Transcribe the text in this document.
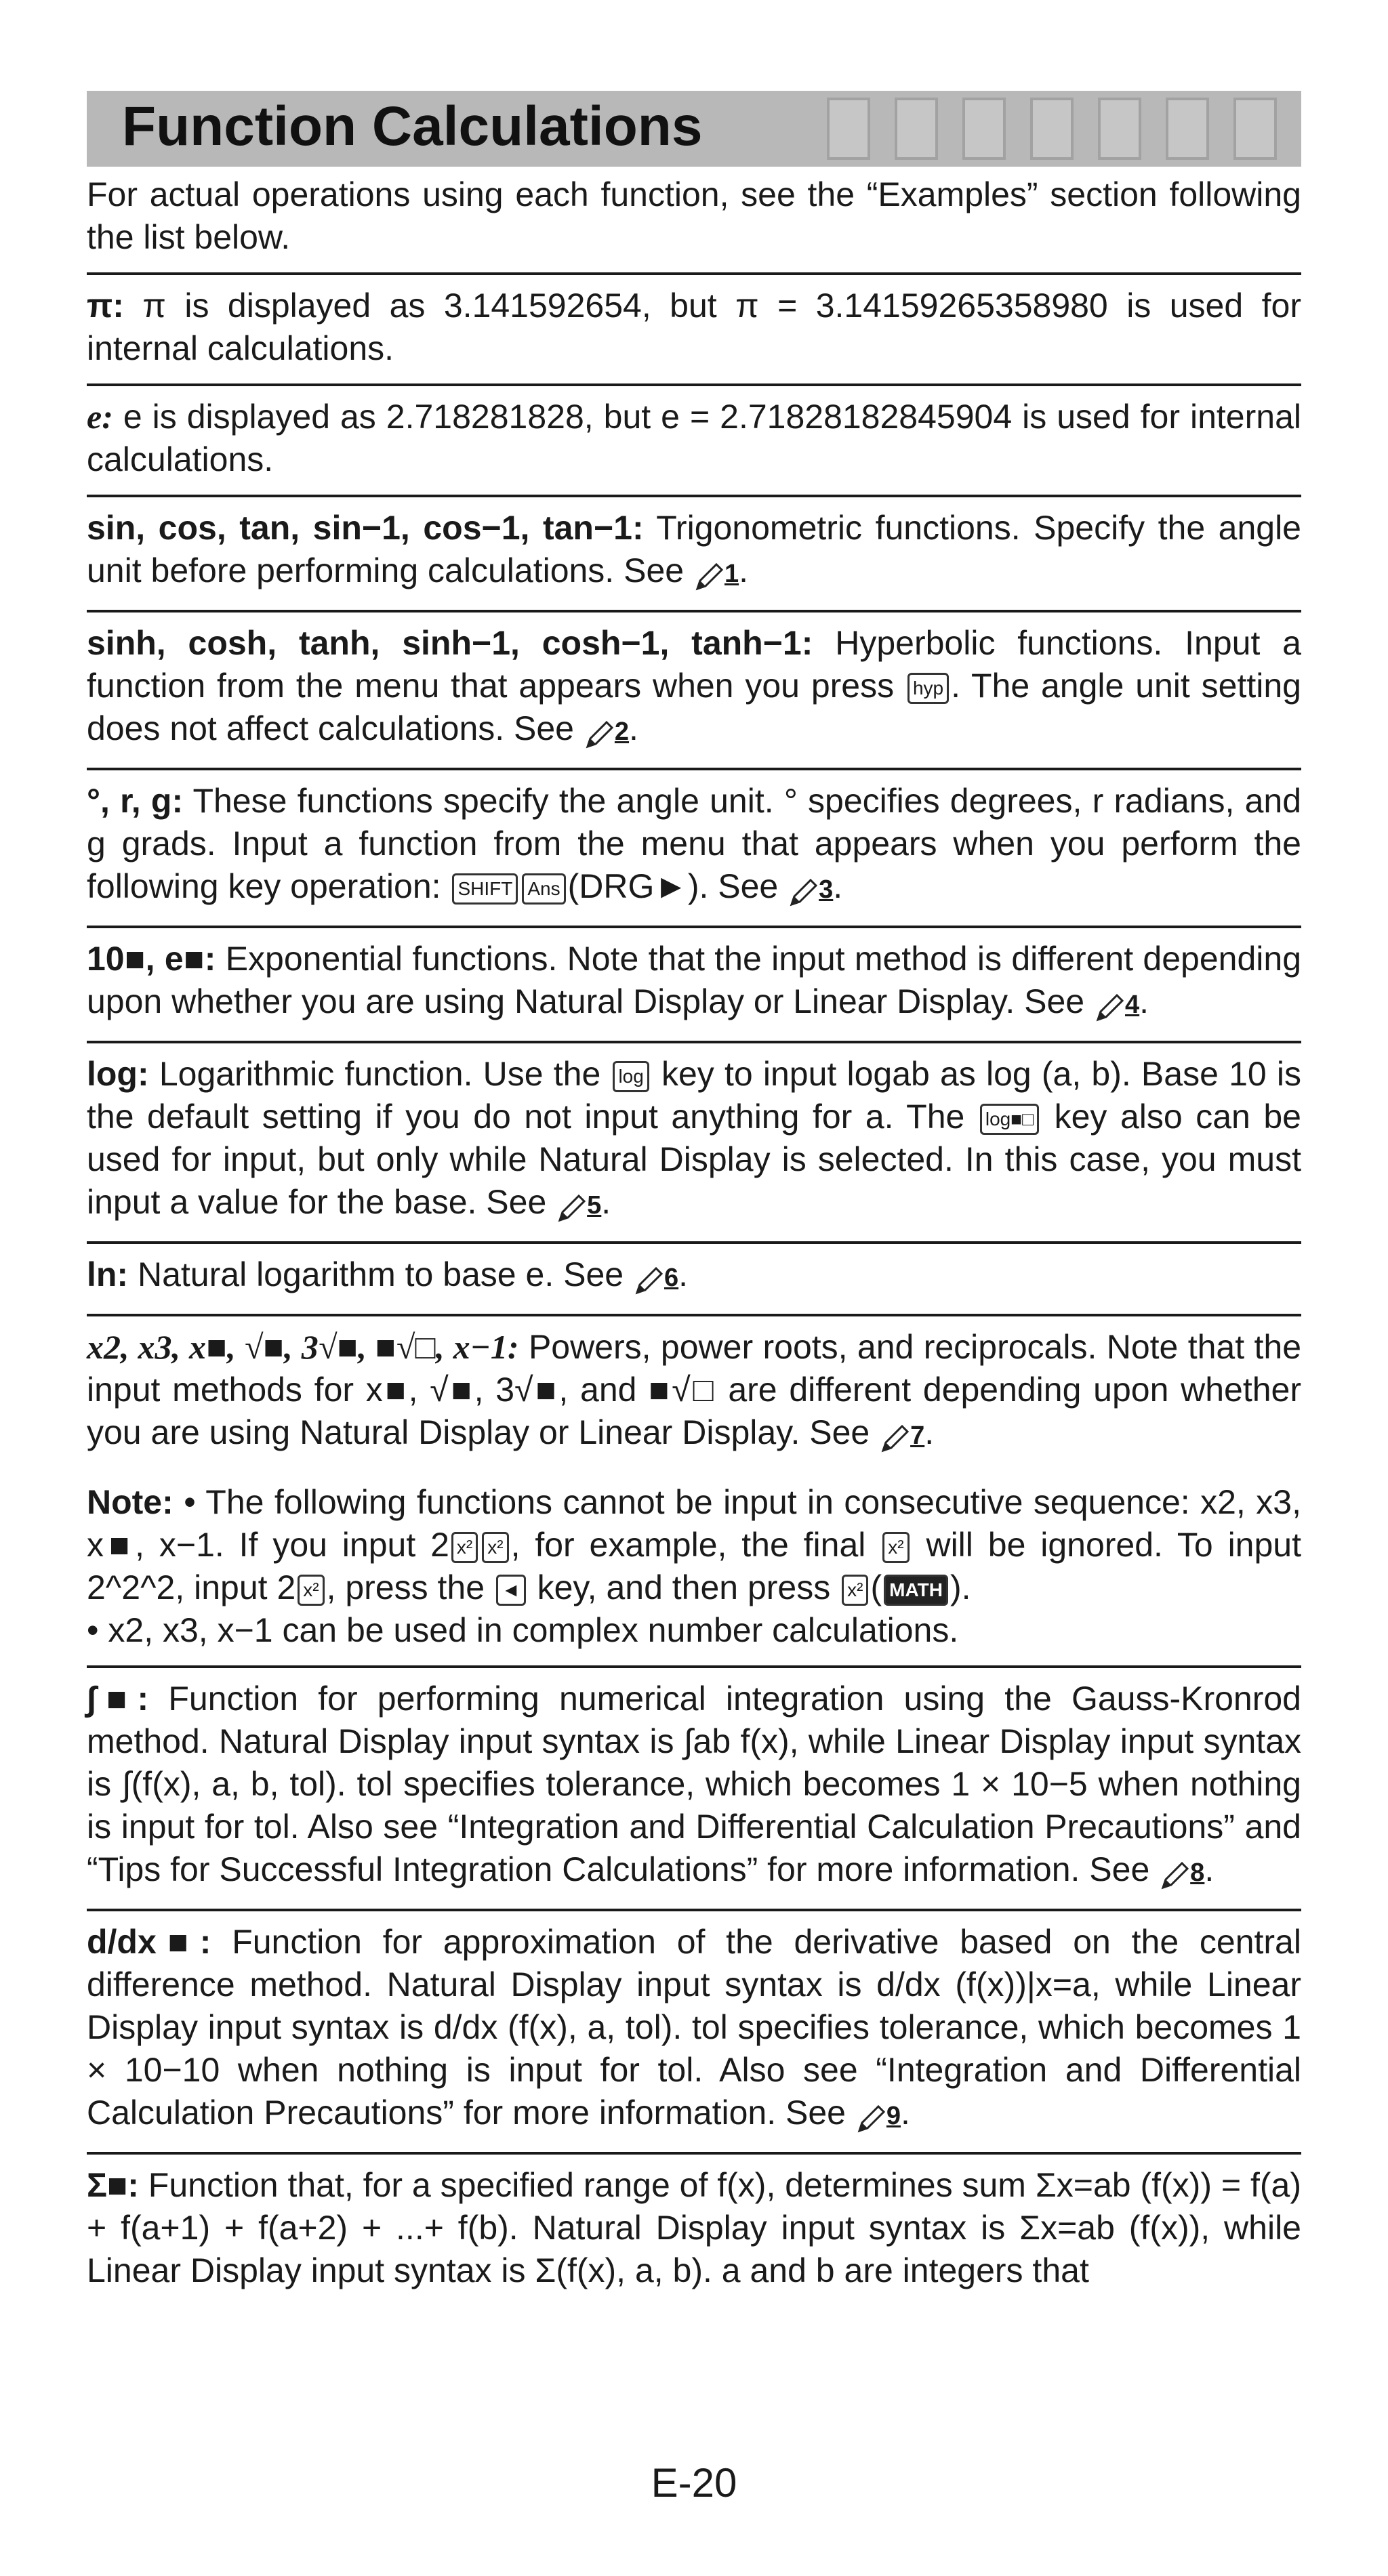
Function Calculations

For actual operations using each function, see the “Examples” section following the list below.

π: π is displayed as 3.141592654, but π = 3.14159265358980 is used for internal calculations.

e: e is displayed as 2.718281828, but e = 2.71828182845904 is used for internal calculations.

sin, cos, tan, sin−1, cos−1, tan−1: Trigonometric functions. Specify the angle unit before performing calculations. See 1.

sinh, cosh, tanh, sinh−1, cosh−1, tanh−1: Hyperbolic functions. Input a function from the menu that appears when you press hyp . The angle unit setting does not affect calculations. See 2.

°, r, g: These functions specify the angle unit. ° specifies degrees, r radians, and g grads. Input a function from the menu that appears when you perform the following key operation: SHIFT Ans (DRG►). See 3.

10■, e■: Exponential functions. Note that the input method is different depending upon whether you are using Natural Display or Linear Display. See 4.

log: Logarithmic function. Use the log key to input logab as log (a, b). Base 10 is the default setting if you do not input anything for a. The log■□ key also can be used for input, but only while Natural Display is selected. In this case, you must input a value for the base. See 5.

ln: Natural logarithm to base e. See 6.

x2, x3, x■, √■, 3√■, ■√□, x−1: Powers, power roots, and reciprocals. Note that the input methods for x■, √■, 3√■, and ■√□ are different depending upon whether you are using Natural Display or Linear Display. See 7.

Note: • The following functions cannot be input in consecutive sequence: x2, x3, x■, x−1. If you input 2 x² x² , for example, the final x² will be ignored. To input 2^2^2, input 2 x² , press the ◄ key, and then press x² ( MATH ).

• x2, x3, x−1 can be used in complex number calculations.

∫■: Function for performing numerical integration using the Gauss-Kronrod method. Natural Display input syntax is ∫ab f(x), while Linear Display input syntax is ∫(f(x), a, b, tol). tol specifies tolerance, which becomes 1 × 10−5 when nothing is input for tol. Also see “Integration and Differential Calculation Precautions” and “Tips for Successful Integration Calculations” for more information. See 8.

d/dx■: Function for approximation of the derivative based on the central difference method. Natural Display input syntax is d/dx (f(x))|x=a, while Linear Display input syntax is d/dx (f(x), a, tol). tol specifies tolerance, which becomes 1 × 10−10 when nothing is input for tol. Also see “Integration and Differential Calculation Precautions” for more information. See 9.

Σ■: Function that, for a specified range of f(x), determines sum Σx=ab (f(x)) = f(a) + f(a+1) + f(a+2) + ...+ f(b). Natural Display input syntax is Σx=ab (f(x)), while Linear Display input syntax is Σ(f(x), a, b). a and b are integers that

E-20
